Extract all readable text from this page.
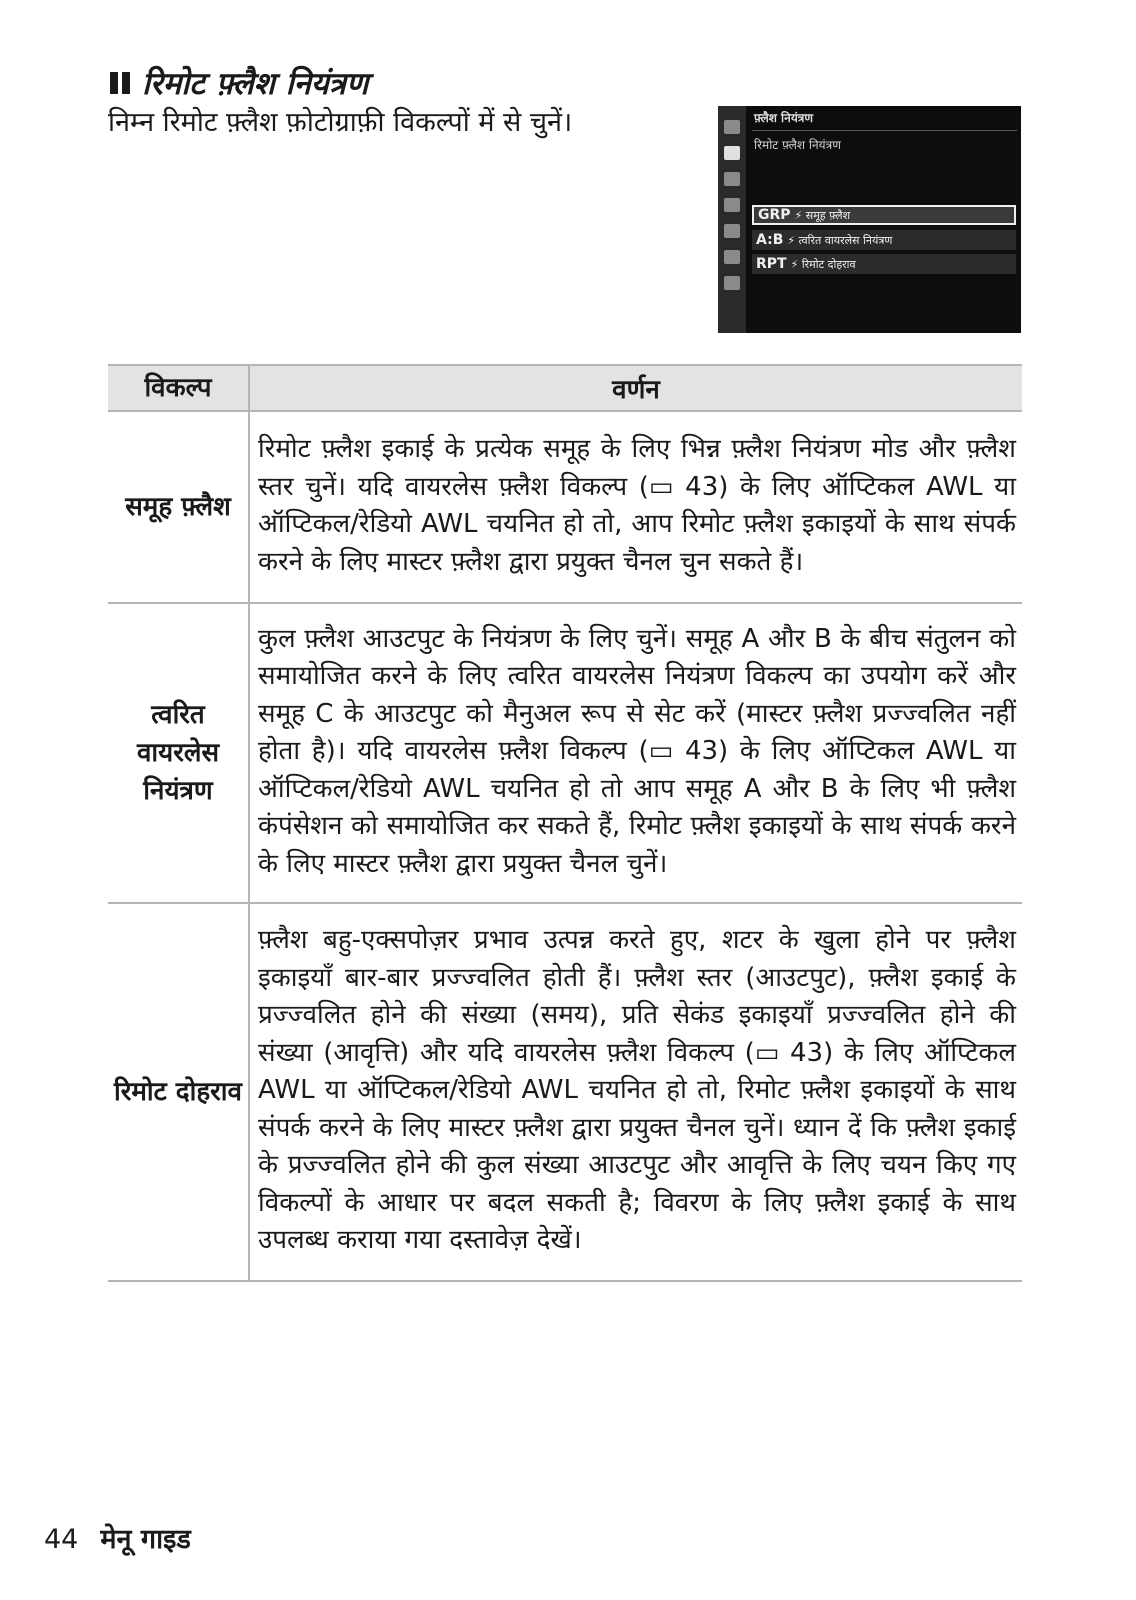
रिमोट फ़्लैश नियंत्रण
निम्न रिमोट फ़्लैश फ़ोटोग्राफ़ी विकल्पों में से चुनें।	फ़्लैश नियंत्रण
रिमोट फ़्लैश नियंत्रण
GRP ⚡
समूह फ़्लैश
A:B ⚡
त्वरित वायरलेस नियंत्रण
RPT ⚡
रिमोट दोहराव
विकल्प	वर्णन
समूह फ़्लैश	रिमोट फ़्लैश इकाई के प्रत्येक समूह के लिए भिन्न फ़्लैश नियंत्रण मोड और फ़्लैश स्तर चुनें। यदि वायरलेस फ़्लैश विकल्प (▭ 43) के लिए ऑप्टिकल AWL या ऑप्टिकल/रेडियो AWL चयनित हो तो, आप रिमोट फ़्लैश इकाइयों के साथ संपर्क करने के लिए मास्टर फ़्लैश द्वारा प्रयुक्त चैनल चुन सकते हैं।
त्वरित वायरलेस नियंत्रण	कुल फ़्लैश आउटपुट के नियंत्रण के लिए चुनें। समूह A और B के बीच संतुलन को समायोजित करने के लिए त्वरित वायरलेस नियंत्रण विकल्प का उपयोग करें और समूह C के आउटपुट को मैनुअल रूप से सेट करें (मास्टर फ़्लैश प्रज्ज्वलित नहीं होता है)। यदि वायरलेस फ़्लैश विकल्प (▭ 43) के लिए ऑप्टिकल AWL या ऑप्टिकल/रेडियो AWL चयनित हो तो आप समूह A और B के लिए भी फ़्लैश कंपंसेशन को समायोजित कर सकते हैं, रिमोट फ़्लैश इकाइयों के साथ संपर्क करने के लिए मास्टर फ़्लैश द्वारा प्रयुक्त चैनल चुनें।
रिमोट दोहराव	फ़्लैश बहु-एक्सपोज़र प्रभाव उत्पन्न करते हुए, शटर के खुला होने पर फ़्लैश इकाइयाँ बार-बार प्रज्ज्वलित होती हैं। फ़्लैश स्तर (आउटपुट), फ़्लैश इकाई के प्रज्ज्वलित होने की संख्या (समय), प्रति सेकंड इकाइयाँ प्रज्ज्वलित होने की संख्या (आवृत्ति) और यदि वायरलेस फ़्लैश विकल्प (▭ 43) के लिए ऑप्टिकल AWL या ऑप्टिकल/रेडियो AWL चयनित हो तो, रिमोट फ़्लैश इकाइयों के साथ संपर्क करने के लिए मास्टर फ़्लैश द्वारा प्रयुक्त चैनल चुनें। ध्यान दें कि फ़्लैश इकाई के प्रज्ज्वलित होने की कुल संख्या आउटपुट और आवृत्ति के लिए चयन किए गए विकल्पों के आधार पर बदल सकती है; विवरण के लिए फ़्लैश इकाई के साथ उपलब्ध कराया गया दस्तावेज़ देखें।
44 मेनू गाइड
